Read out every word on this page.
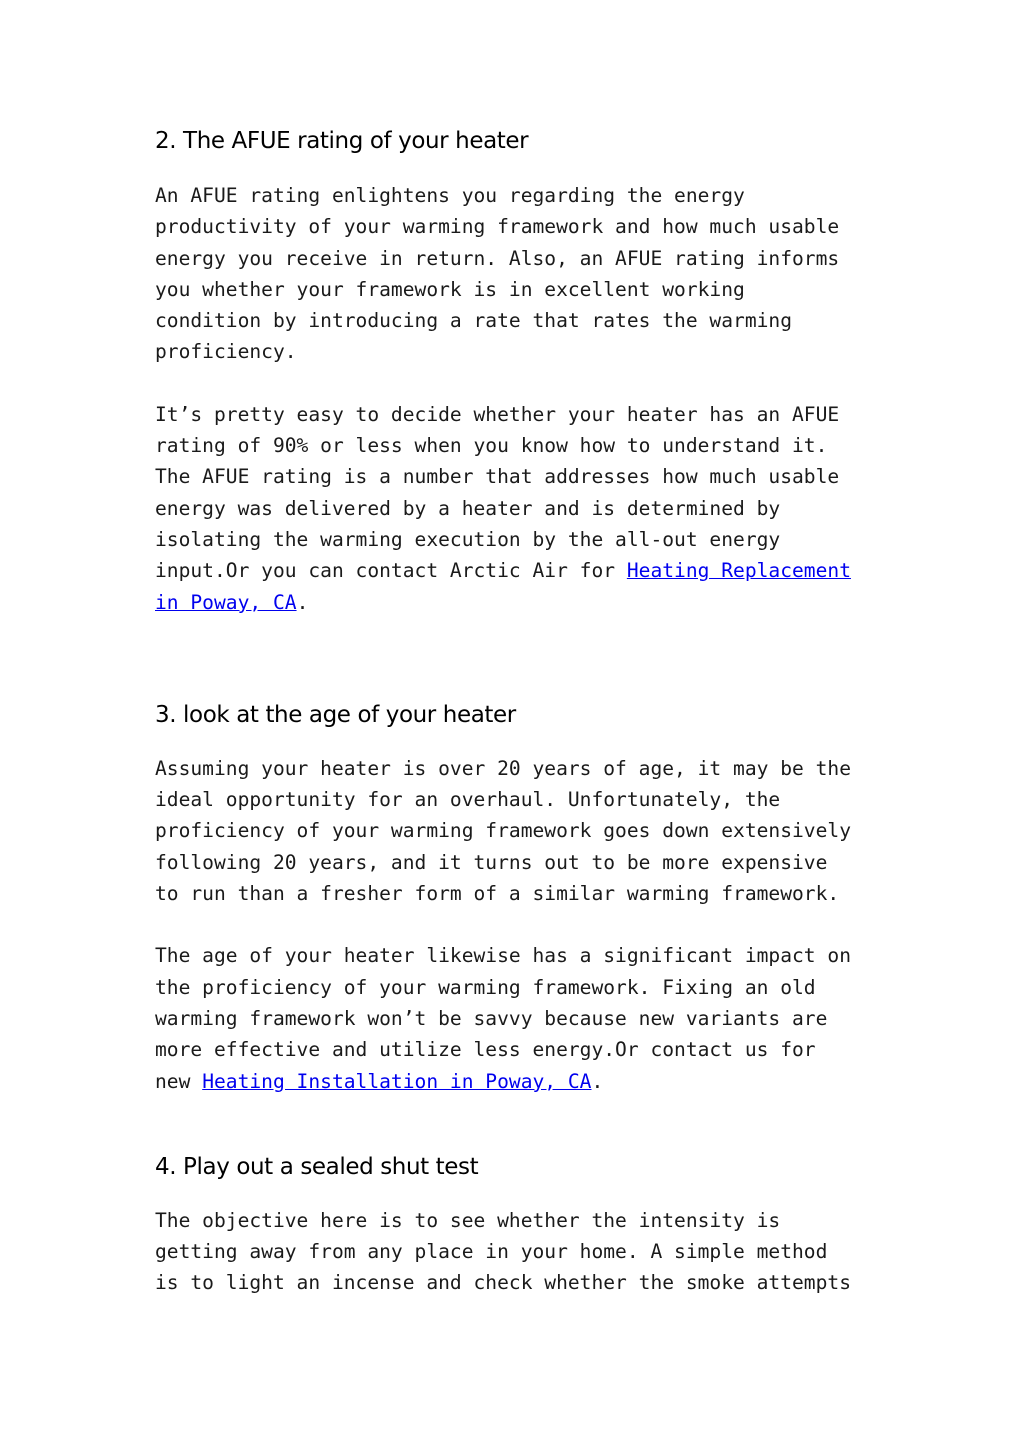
2. The AFUE rating of your heater

An AFUE rating enlightens you regarding the energy
productivity of your warming framework and how much usable
energy you receive in return. Also, an AFUE rating informs
you whether your framework is in excellent working
condition by introducing a rate that rates the warming
proficiency.

It’s pretty easy to decide whether your heater has an AFUE
rating of 90% or less when you know how to understand it.
The AFUE rating is a number that addresses how much usable
energy was delivered by a heater and is determined by
isolating the warming execution by the all-out energy
input.Or you can contact Arctic Air for Heating Replacement
in Poway, CA.

3. look at the age of your heater

Assuming your heater is over 20 years of age, it may be the
ideal opportunity for an overhaul. Unfortunately, the
proficiency of your warming framework goes down extensively
following 20 years, and it turns out to be more expensive
to run than a fresher form of a similar warming framework.

The age of your heater likewise has a significant impact on
the proficiency of your warming framework. Fixing an old
warming framework won’t be savvy because new variants are
more effective and utilize less energy.Or contact us for
new Heating Installation in Poway, CA.

4. Play out a sealed shut test

The objective here is to see whether the intensity is
getting away from any place in your home. A simple method
is to light an incense and check whether the smoke attempts
